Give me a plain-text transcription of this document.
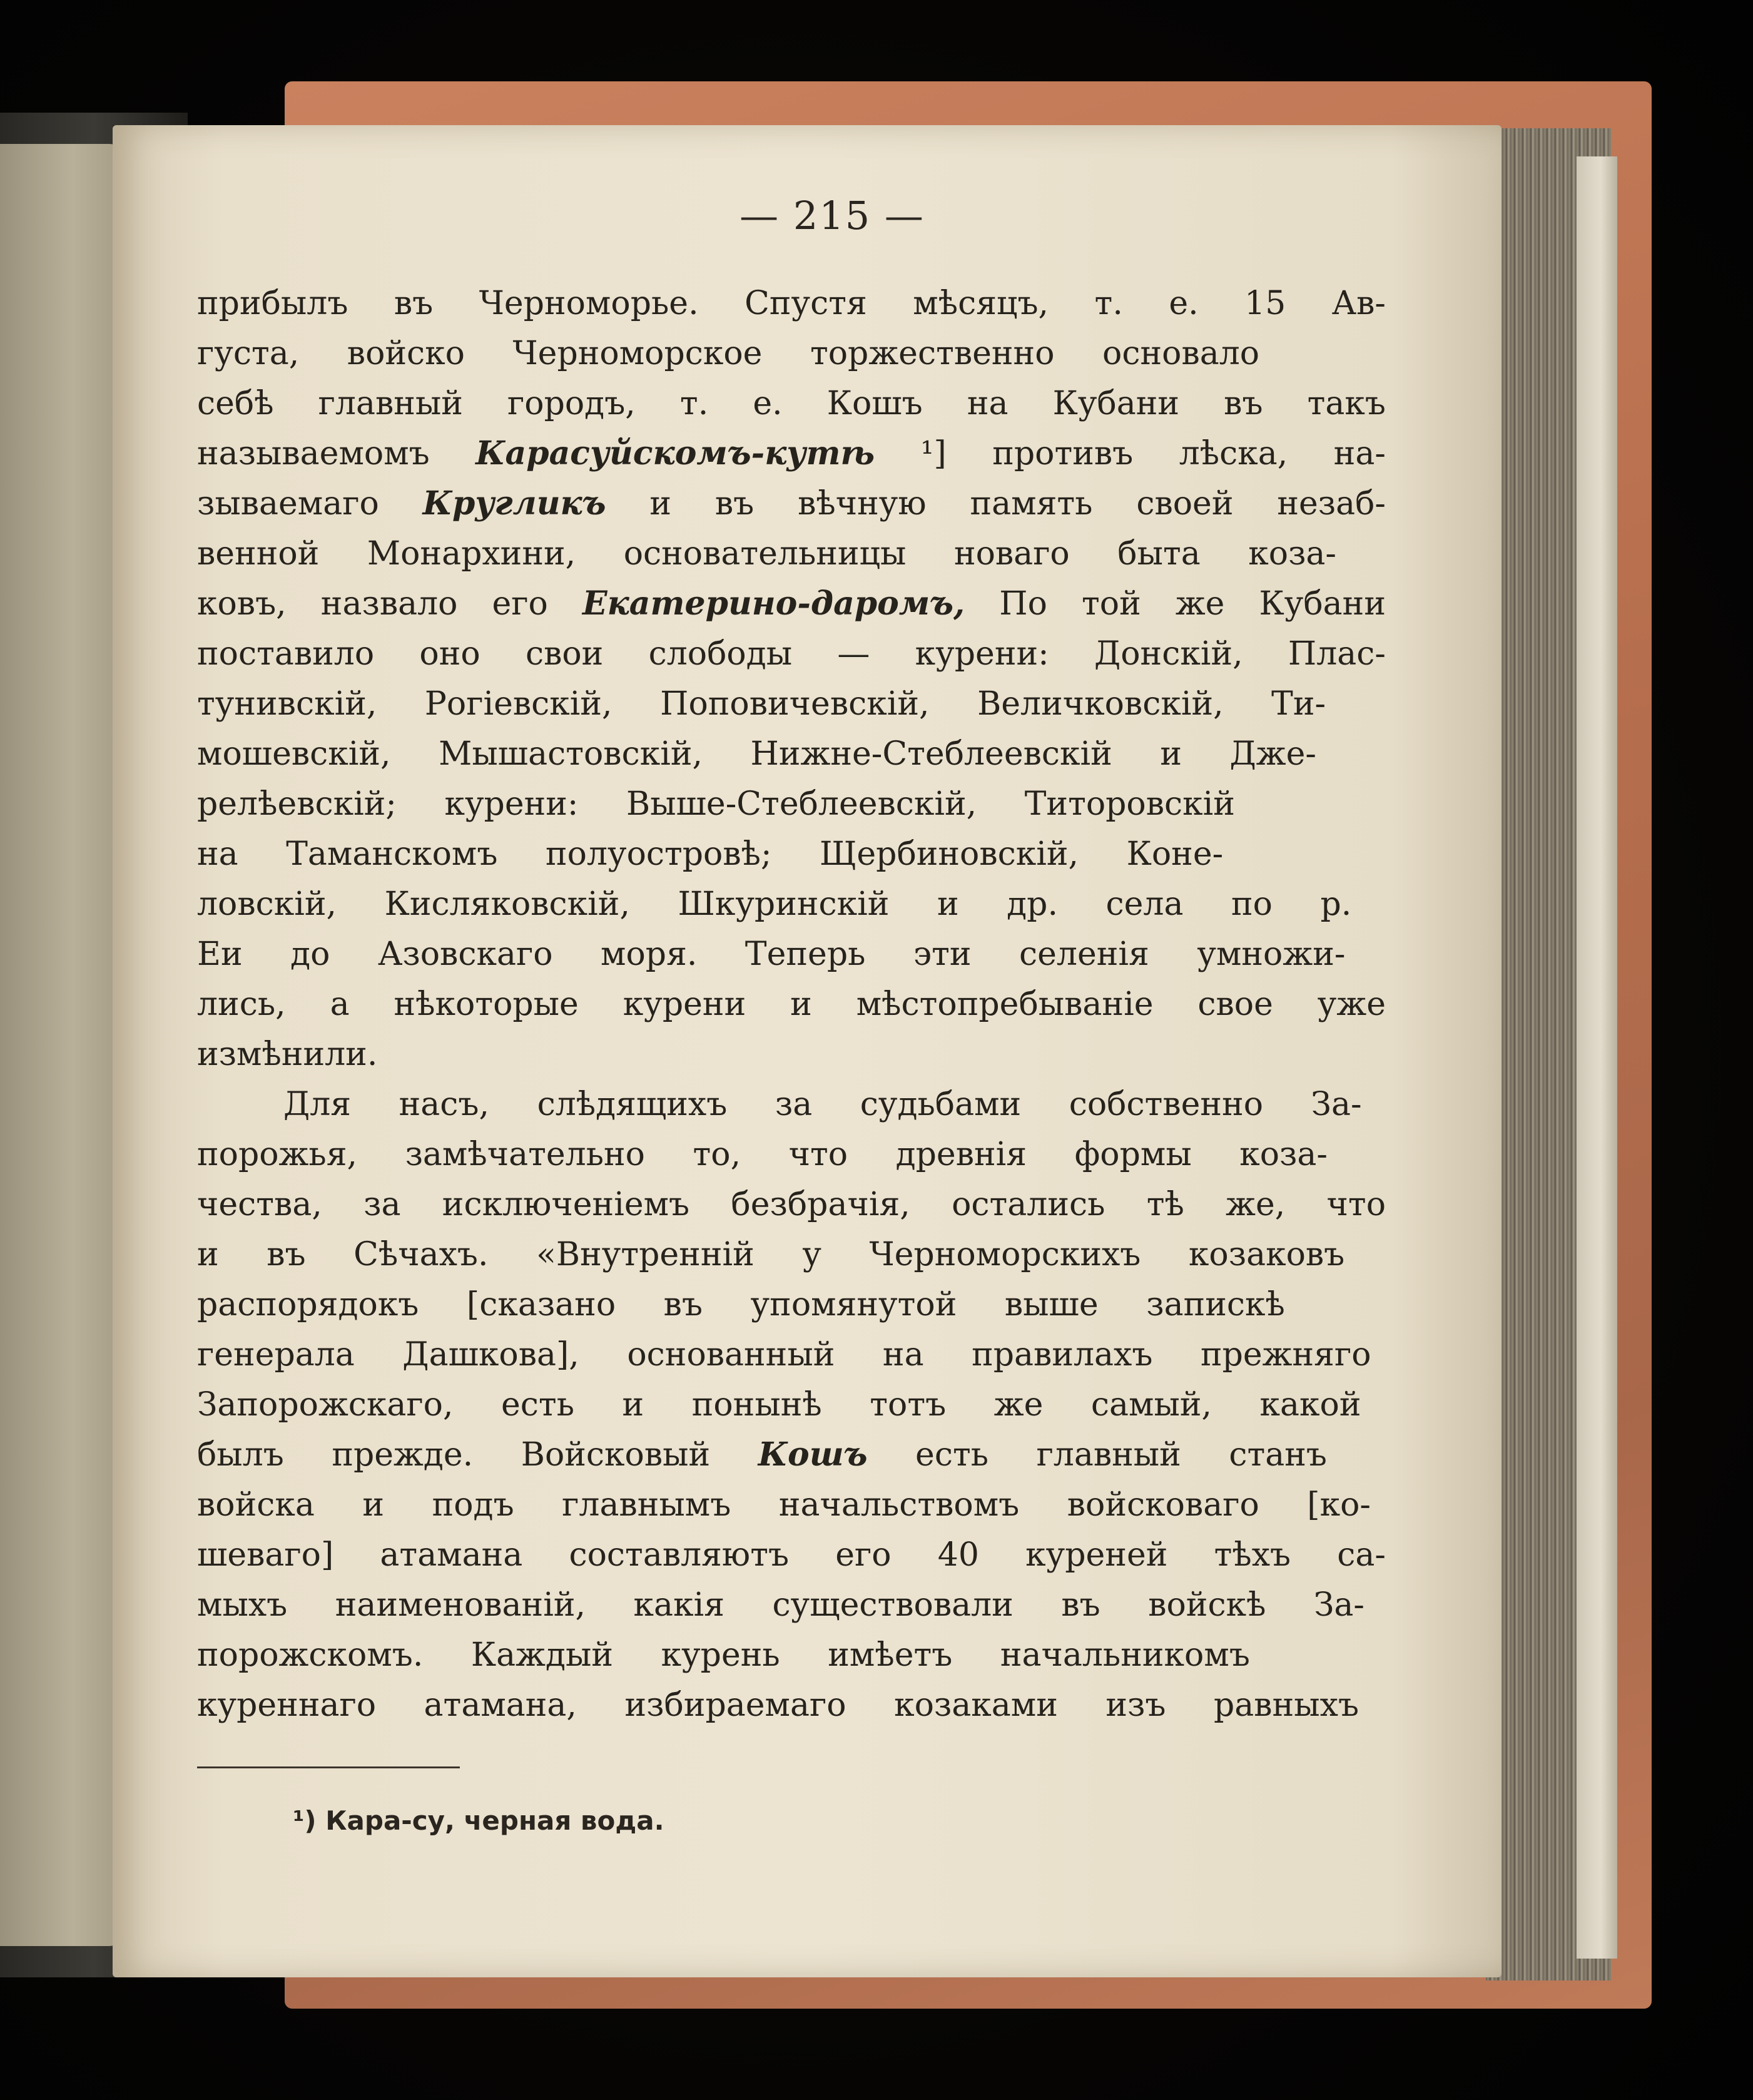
— 215 —
прибылъ въ Черноморье. Спустя мѣсяцъ, т. е. 15 Ав-
густа, войско Черноморское торжественно основало
себѣ главный городъ, т. е. Кошъ на Кубани въ такъ
называемомъ Карасуйскомъ-кутѣ ¹] противъ лѣска, на-
зываемаго Кругликъ и въ вѣчную память своей незаб-
венной Монархини, основательницы новаго быта коза-
ковъ, назвало его Екатерино-даромъ, По той же Кубани
поставило оно свои слободы — курени: Донскій, Плас-
тунивскій, Рогіевскій, Поповичевскій, Величковскій, Ти-
мошевскій, Мышастовскій, Нижне-Стеблеевскій и Дже-
релѣевскій; курени: Выше-Стеблеевскій, Титоровскій
на Таманскомъ полуостровѣ; Щербиновскій, Коне-
ловскій, Кисляковскій, Шкуринскій и др. села по р.
Еи до Азовскаго моря. Теперь эти селенія умножи-
лись, а нѣкоторые курени и мѣстопребываніе свое уже
измѣнили.
Для насъ, слѣдящихъ за судьбами собственно За-
порожья, замѣчательно то, что древнія формы коза-
чества, за исключеніемъ безбрачія, остались тѣ же, что
и въ Сѣчахъ. «Внутренній у Черноморскихъ козаковъ
распорядокъ [сказано въ упомянутой выше запискѣ
генерала Дашкова], основанный на правилахъ прежняго
Запорожскаго, есть и понынѣ тотъ же самый, какой
былъ прежде. Войсковый Кошъ есть главный станъ
войска и подъ главнымъ начальствомъ войсковаго [ко-
шеваго] атамана составляютъ его 40 куреней тѣхъ са-
мыхъ наименованій, какія существовали въ войскѣ За-
порожскомъ. Каждый курень имѣетъ начальникомъ
куреннаго атамана, избираемаго козаками изъ равныхъ
¹) Кара-су, черная вода.
